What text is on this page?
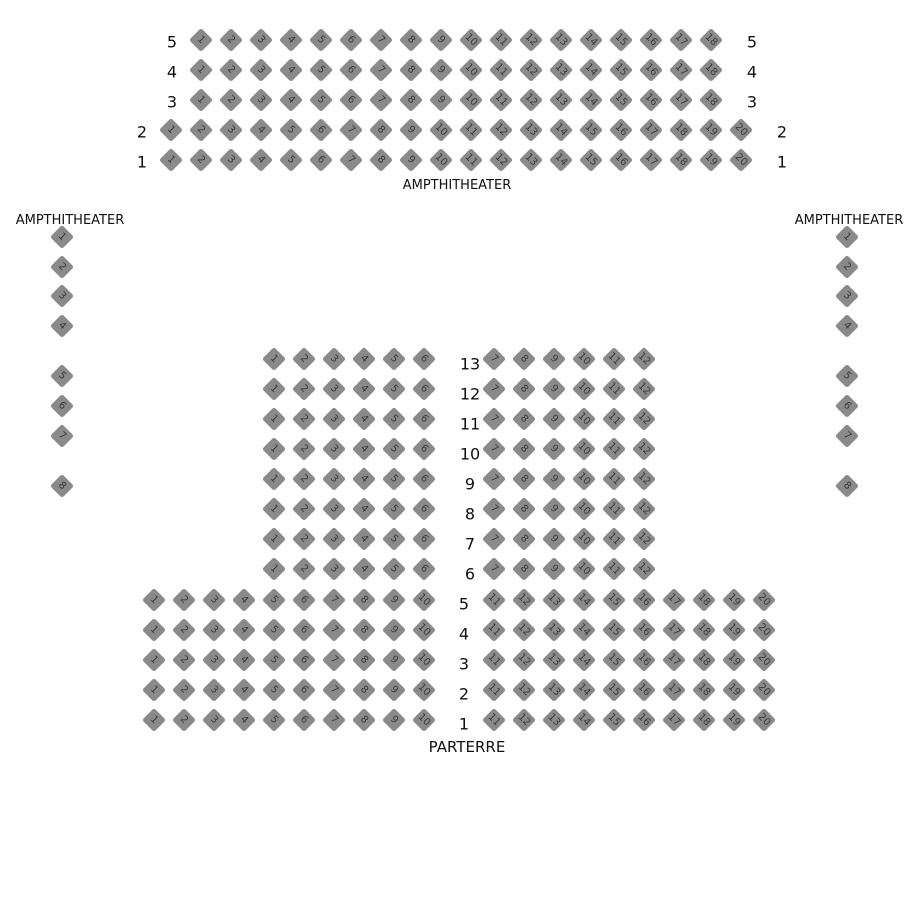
1 2 3 4 5 6 7 8 9 10 11 12 13 14 15 16 17 18
1 2 3 4 5 6 7 8 9 10 11 12 13 14 15 16 17 18
1 2 3 4 5 6 7 8 9 10 11 12 13 14 15 16 17 18
1 2 3 4 5 6 7 8 9 10 11 12 13 14 15 16 17 18 19 20
1 2 3 4 5 6 7 8 9 10 11 12 13 14 15 16 17 18 19 20
1
2
3
4
5
6
7
8
1
2
3
4
5
6
7
8
1 2 3 4 5 6	7 8 9 10 11 12
1 2 3 4 5 6	7 8 9 10 11 12
1 2 3 4 5 6	7 8 9 10 11 12
1 2 3 4 5 6	7 8 9 10 11 12
1 2 3 4 5 6	7 8 9 10 11 12
1 2 3 4 5 6	7 8 9 10 11 12
1 2 3 4 5 6	7 8 9 10 11 12
1 2 3 4 5 6	7 8 9 10 11 12
1 2 3 4 5 6 7 8 9 10	11 12 13 14 15 16 17 18 19 20
1 2 3 4 5 6 7 8 9 10	11 12 13 14 15 16 17 18 19 20
1 2 3 4 5 6 7 8 9 10	11 12 13 14 15 16 17 18 19 20
1 2 3 4 5 6 7 8 9 10	11 12 13 14 15 16 17 18 19 20
1 2 3 4 5 6 7 8 9 10	11 12 13 14 15 16 17 18 19 20
5	5
4	4
3	3
2	2
1	1
13
12
11
10
9
8
7
6
5
4
3
2
1
AMPTHITHEATER
AMPTHITHEATER	AMPTHITHEATER
PARTERRE
